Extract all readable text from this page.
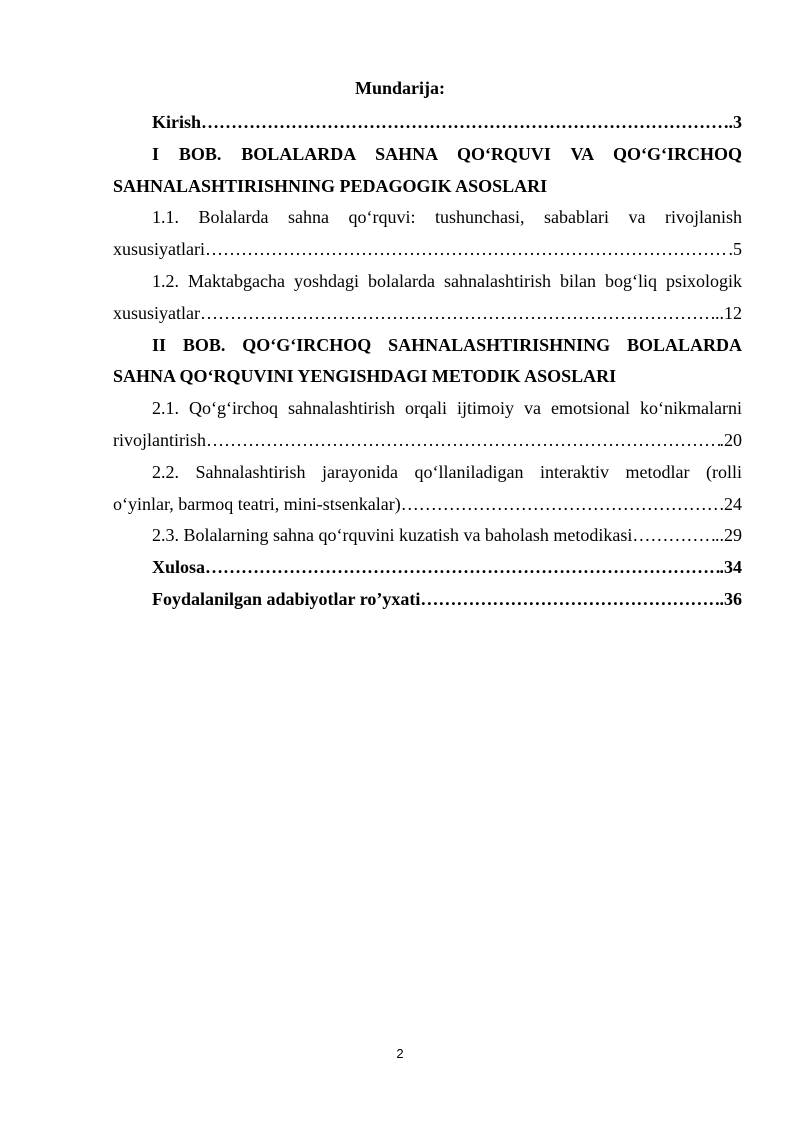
Mundarija:
Kirish ……………………………………………………………………………………………………………………………………………………………	..3
I BOB. BOLALARDA SAHNA QO‘RQUVI VA QO‘G‘IRCHOQ
SAHNALASHTIRISHNING PEDAGOGIK ASOSLARI
1.1. Bolalarda sahna qo‘rquvi: tushunchasi, sabablari va rivojlanish
xususiyatlari ……………………………………………………………………………………………………………………………………………………………	.5
1.2. Maktabgacha yoshdagi bolalarda sahnalashtirish bilan bog‘liq psixologik
xususiyatlar ……………………………………………………………………………………………………………………………………………………………	..12
II BOB. QO‘G‘IRCHOQ SAHNALASHTIRISHNING BOLALARDA
SAHNA QO‘RQUVINI YENGISHDAGI METODIK ASOSLARI
2.1. Qo‘g‘irchoq sahnalashtirish orqali ijtimoiy va emotsional ko‘nikmalarni
rivojlantirish ……………………………………………………………………………………………………………………………………………………………	.20
2.2. Sahnalashtirish jarayonida qo‘llaniladigan interaktiv metodlar (rolli
o‘yinlar, barmoq teatri, mini-stsenkalar) ……………………………………………………………………………………………………………………………………………………………	.24
2.3. Bolalarning sahna qo‘rquvini kuzatish va baholash metodikasi ……………………………………………………………………………………………………………………………………………………………	..29
Xulosa ……………………………………………………………………………………………………………………………………………………………	.34
Foydalanilgan adabiyotlar ro’yxati ……………………………………………………………………………………………………………………………………………………………	.36
2
